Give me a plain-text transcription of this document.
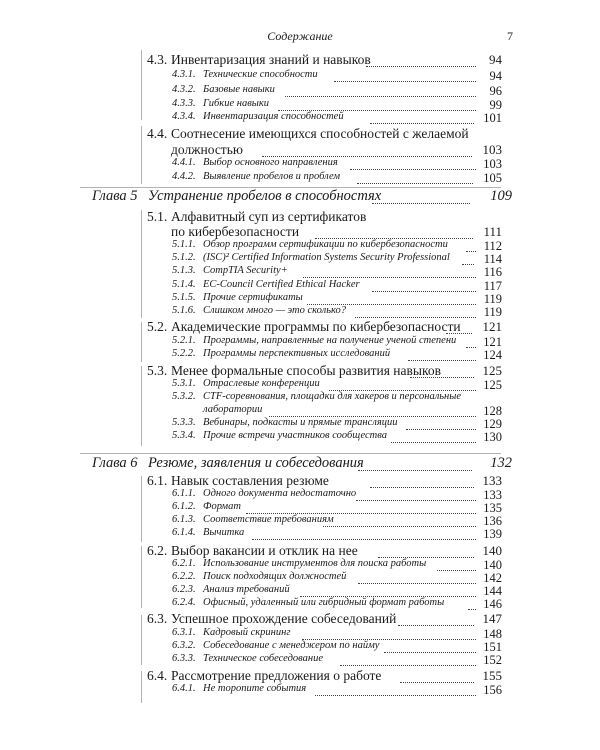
Содержание	7
4.3. Инвентаризация знаний и навыков	94
4.3.1. Технические способности	94
4.3.2. Базовые навыки	96
4.3.3. Гибкие навыки	99
4.3.4. Инвентаризация способностей	101
4.4. Соотнесение имеющихся способностей с желаемой
должностью	103
4.4.1. Выбор основного направления	103
4.4.2. Выявление пробелов и проблем	105
Глава 5 Устранение пробелов в способностях	109
5.1. Алфавитный суп из сертификатов
по кибербезопасности	111
5.1.1. Обзор программ сертификации по кибербезопасности	112
5.1.2. (ISC)² Certified Information Systems Security Professional	114
5.1.3. CompTIA Security+	116
5.1.4. EC-Council Certified Ethical Hacker	117
5.1.5. Прочие сертификаты	119
5.1.6. Слишком много — это сколько?	119
5.2. Академические программы по кибербезопасности 121
5.2.1. Программы, направленные на получение ученой степени 121
5.2.2. Программы перспективных исследований	124
5.3. Менее формальные способы развития навыков	125
5.3.1. Отраслевые конференции	125
5.3.2. CTF-соревнования, площадки для хакеров и персональные
лаборатории	128
5.3.3. Вебинары, подкасты и прямые трансляции	129
5.3.4. Прочие встречи участников сообщества	130
Глава 6 Резюме, заявления и собеседования	132
6.1. Навык составления резюме	133
6.1.1. Одного документа недостаточно	133
6.1.2. Формат	135
6.1.3. Соответствие требованиям	136
6.1.4. Вычитка	139
6.2. Выбор вакансии и отклик на нее	140
6.2.1. Использование инструментов для поиска работы	140
6.2.2. Поиск подходящих должностей	142
6.2.3. Анализ требований	144
6.2.4. Офисный, удаленный или гибридный формат работы	146
6.3. Успешное прохождение собеседований	147
6.3.1. Кадровый скрининг	148
6.3.2. Собеседование с менеджером по найму	151
6.3.3. Техническое собеседование	152
6.4. Рассмотрение предложения о работе	155
6.4.1. Не торопите события	156
